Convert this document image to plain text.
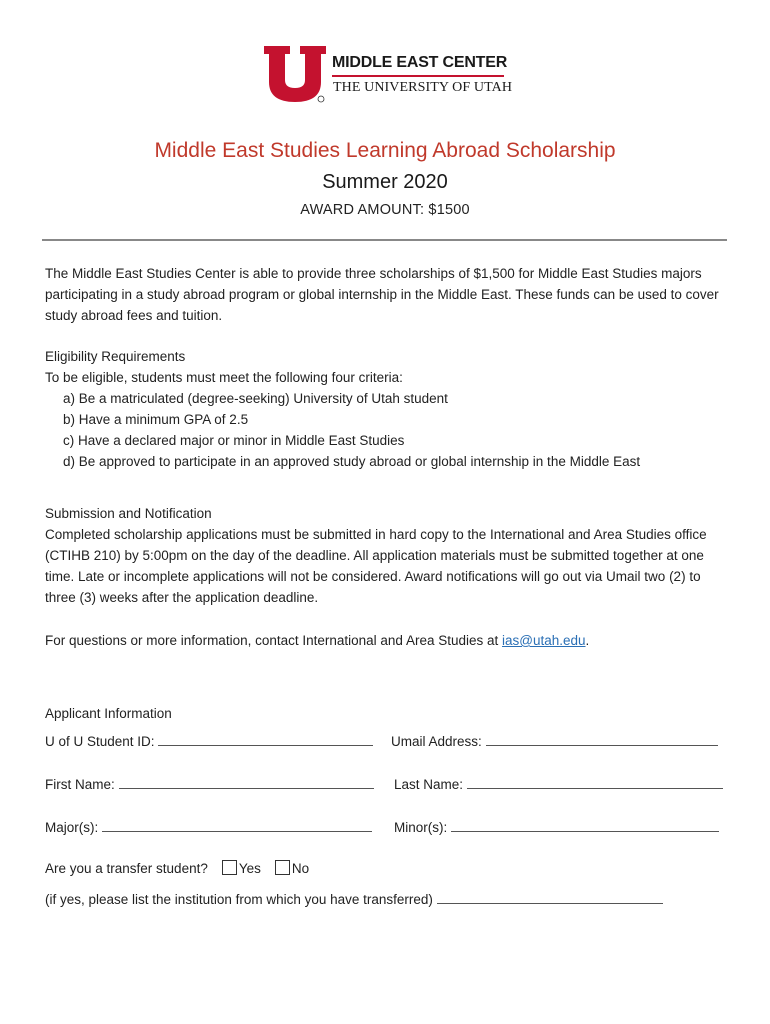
MIDDLE EAST CENTER
THE UNIVERSITY OF UTAH
Middle East Studies Learning Abroad Scholarship
Summer 2020
AWARD AMOUNT: $1500
The Middle East Studies Center is able to provide three scholarships of $1,500 for Middle East Studies majors participating in a study abroad program or global internship in the Middle East. These funds can be used to cover study abroad fees and tuition.
Eligibility Requirements
To be eligible, students must meet the following four criteria:
a) Be a matriculated (degree-seeking) University of Utah student
b) Have a minimum GPA of 2.5
c) Have a declared major or minor in Middle East Studies
d) Be approved to participate in an approved study abroad or global internship in the Middle East
Submission and Notification
Completed scholarship applications must be submitted in hard copy to the International and Area Studies office (CTIHB 210) by 5:00pm on the day of the deadline. All application materials must be submitted together at one time. Late or incomplete applications will not be considered. Award notifications will go out via Umail two (2) to three (3) weeks after the application deadline.
For questions or more information, contact International and Area Studies at ias@utah.edu.
Applicant Information
U of U Student ID:	Umail Address:
First Name:	Last Name:
Major(s):	Minor(s):
Are you a transfer student? Yes No
(if yes, please list the institution from which you have transferred)
